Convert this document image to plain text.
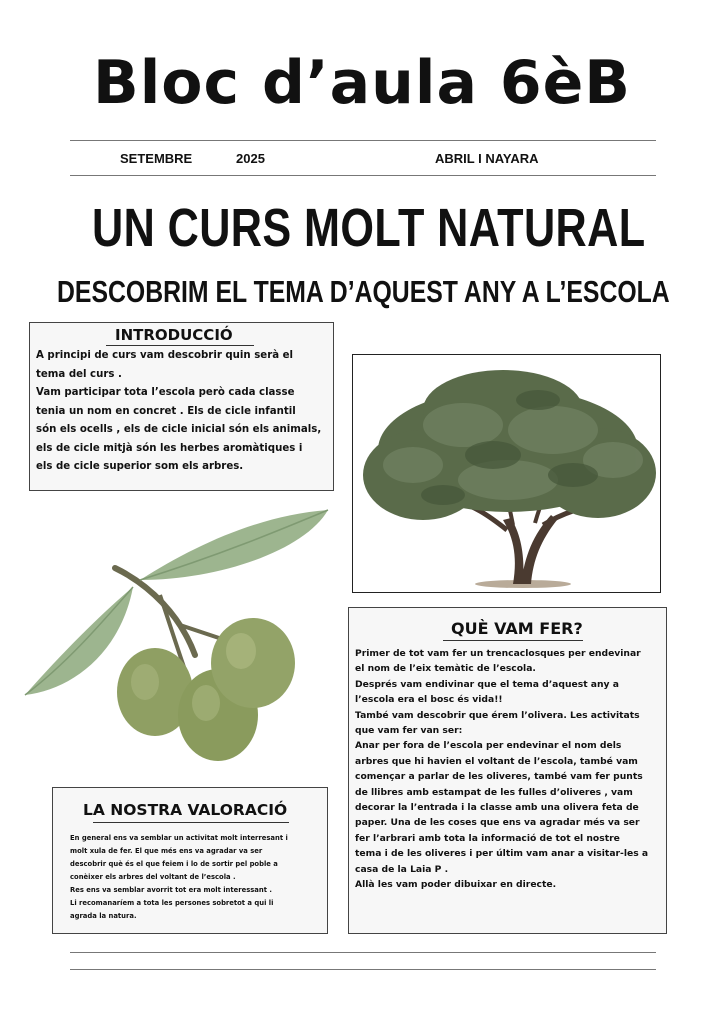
Bloc d’aula 6èB
SETEMBRE	2025	ABRIL I NAYARA
UN CURS MOLT NATURAL
DESCOBRIM EL TEMA D’AQUEST ANY A L’ESCOLA
INTRODUCCIÓ

A principi de curs vam descobrir quin serà el

tema del curs .

Vam participar tota l’escola però cada classe

tenia un nom en concret . Els de cicle infantil

són els ocells , els de cicle inicial són els animals,

els de cicle mitjà són les herbes aromàtiques i

els de cicle superior som els arbres.

QUÈ VAM FER?

Primer de tot vam fer un trencaclosques per endevinar

el nom de l’eix temàtic de l’escola.

Després vam endivinar que el tema d’aquest any a

l’escola era el bosc és vida!!

També vam descobrir que érem l’olivera. Les activitats

que vam fer van ser:

Anar per fora de l’escola per endevinar el nom dels

arbres que hi havien el voltant de l’escola, també vam

començar a parlar de les oliveres, també vam fer punts

de llibres amb estampat de les fulles d’oliveres , vam

decorar la l’entrada i la classe amb una olivera feta de

paper. Una de les coses que ens va agradar més va ser

fer l’arbrari amb tota la informació de tot el nostre

tema i de les oliveres i per últim vam anar a visitar-les a

casa de la Laia P .

Allà les vam poder dibuixar en directe.

LA NOSTRA VALORACIÓ

En general ens va semblar un activitat molt interresant i

molt xula de fer. El que més ens va agradar va ser

descobrir què és el que feiem i lo de sortir pel poble a

conèixer els arbres del voltant de l’escola .

Res ens va semblar avorrit tot era molt interessant .

Li recomanaríem a tota les persones sobretot a qui li

agrada la natura.
